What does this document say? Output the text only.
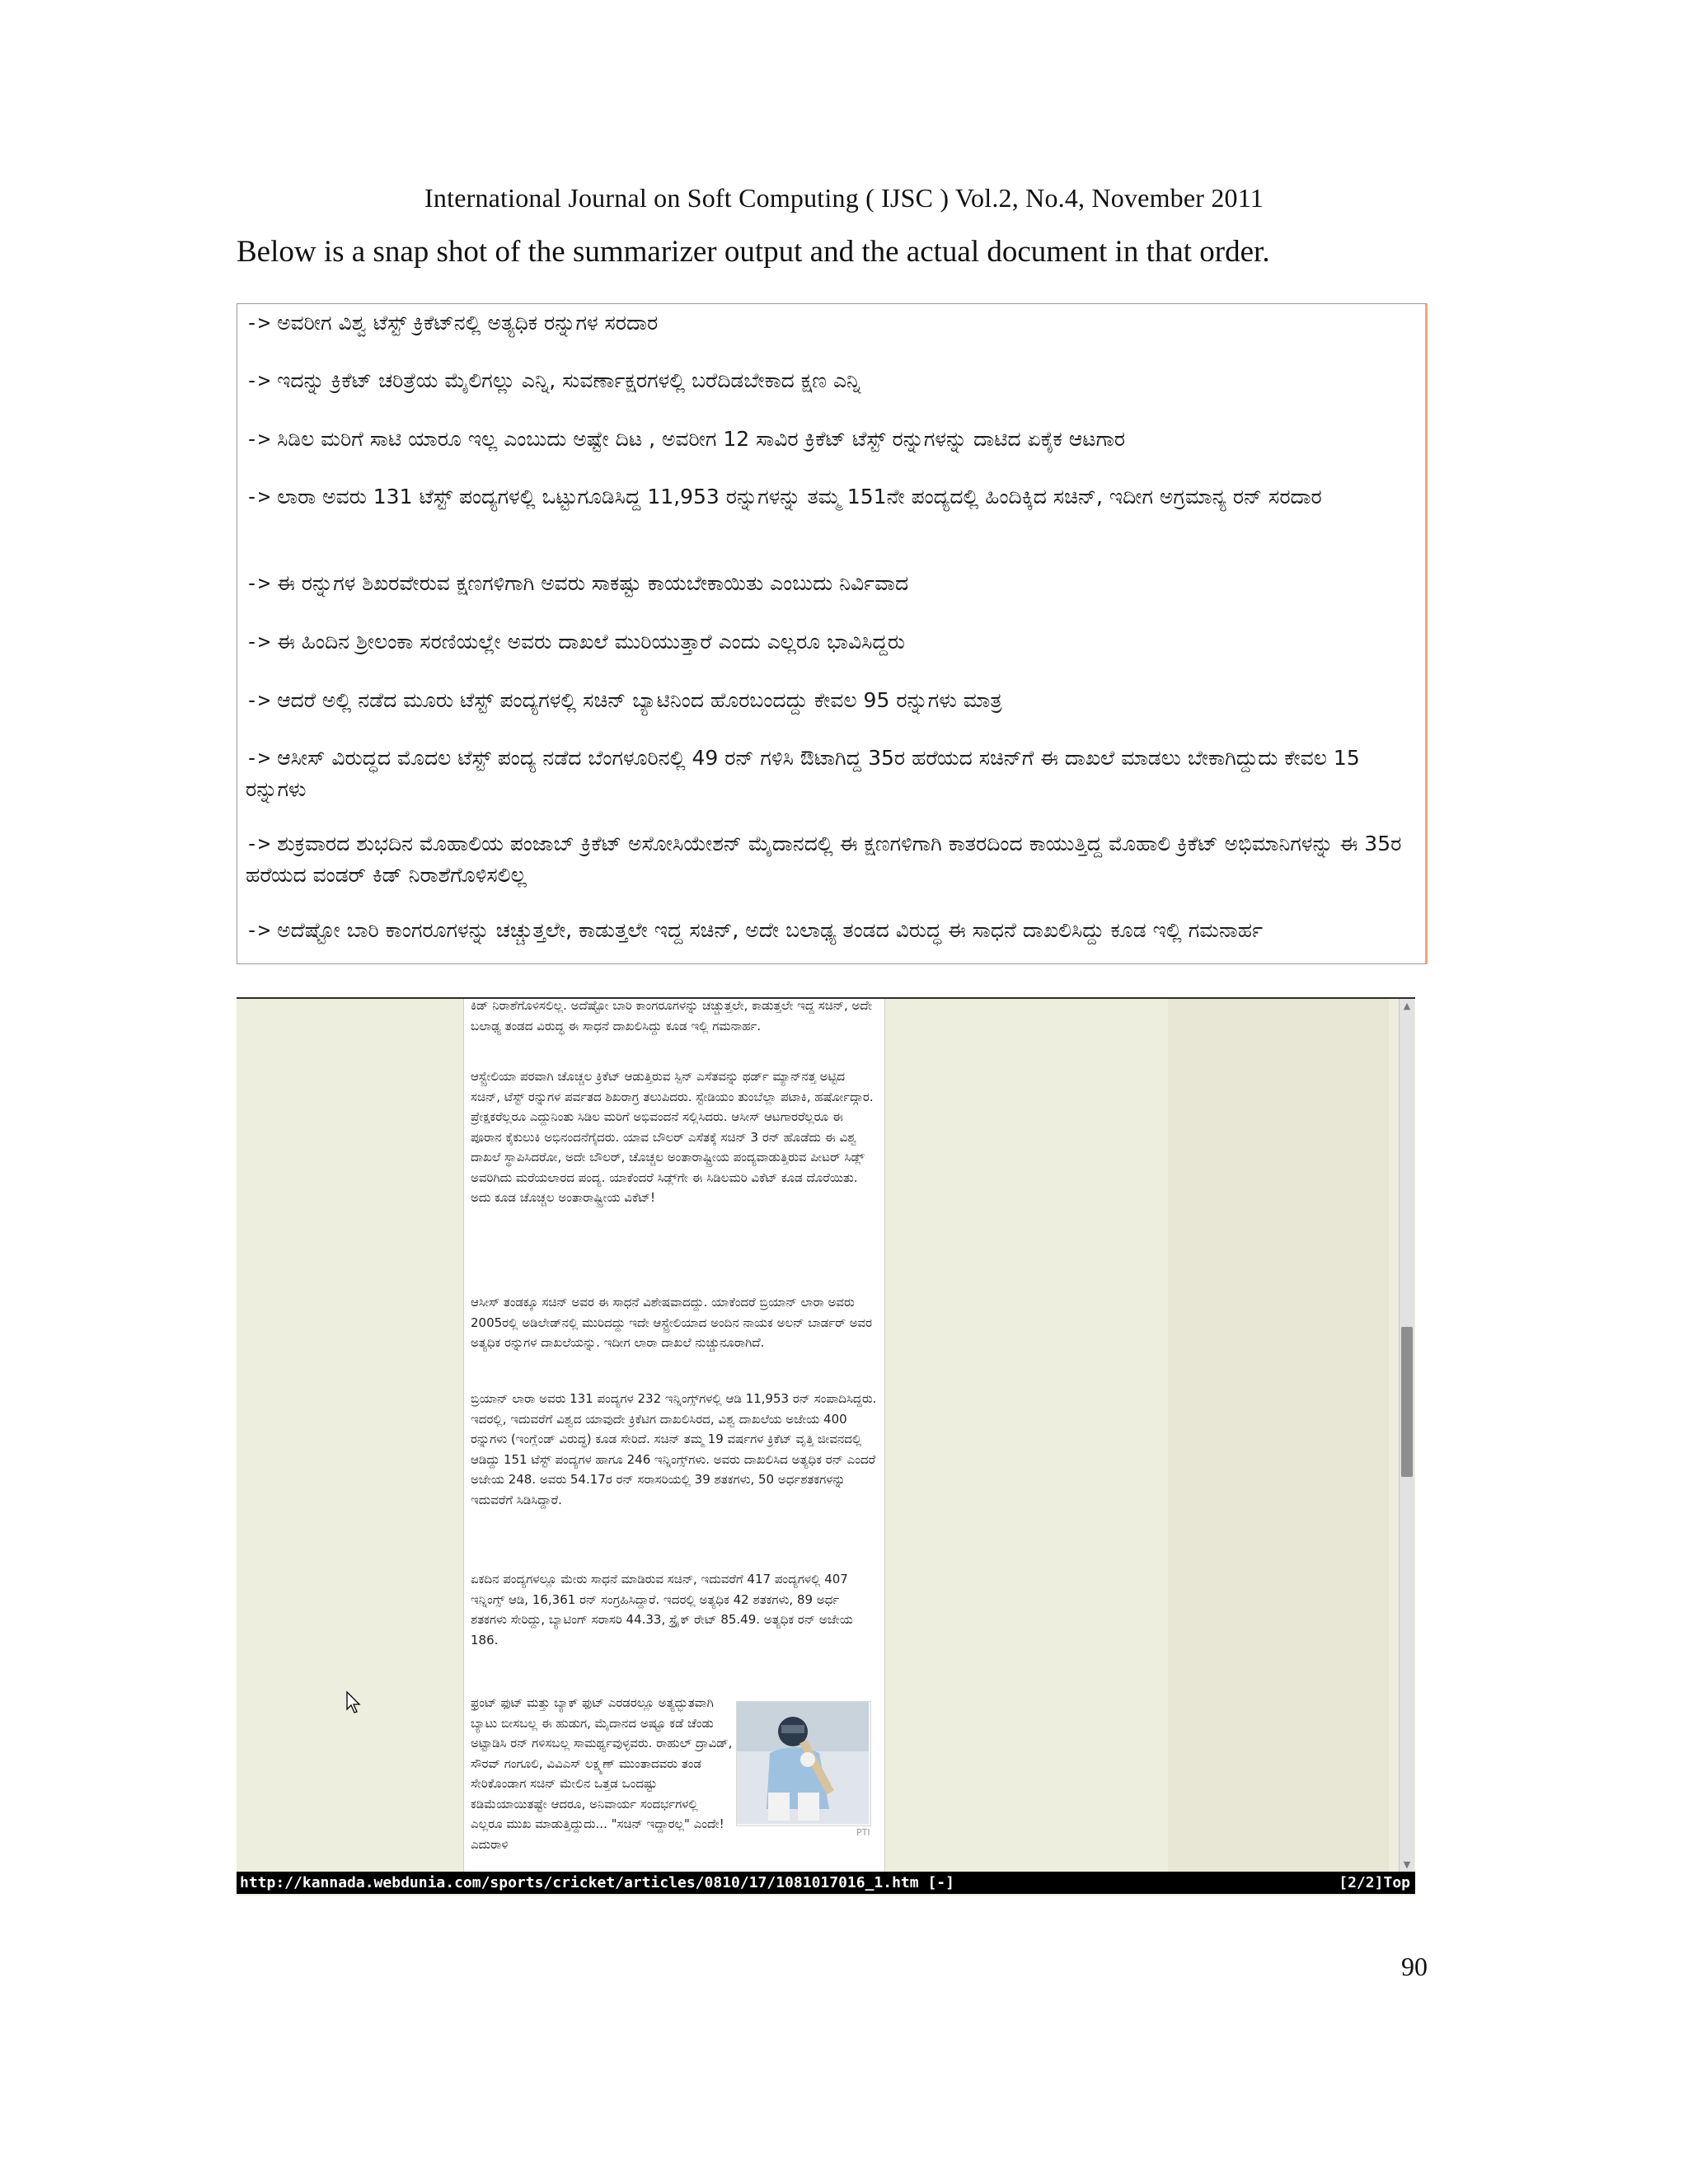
International Journal on Soft Computing ( IJSC ) Vol.2, No.4, November 2011
Below is a snap shot of the summarizer output and the actual document in that order.
-> ಅವರೀಗ ವಿಶ್ವ ಟೆಸ್ಟ್ ಕ್ರಿಕೆಟ್‌ನಲ್ಲಿ ಅತ್ಯಧಿಕ ರನ್ನುಗಳ ಸರದಾರ
-> ಇದನ್ನು ಕ್ರಿಕೆಟ್ ಚರಿತ್ರೆಯ ಮೈಲಿಗಲ್ಲು ಎನ್ನಿ, ಸುವರ್ಣಾಕ್ಷರಗಳಲ್ಲಿ ಬರೆದಿಡಬೇಕಾದ ಕ್ಷಣ ಎನ್ನಿ
-> ಸಿಡಿಲ ಮರಿಗೆ ಸಾಟಿ ಯಾರೂ ಇಲ್ಲ ಎಂಬುದು ಅಷ್ಟೇ ದಿಟ , ಅವರೀಗ 12 ಸಾವಿರ ಕ್ರಿಕೆಟ್ ಟೆಸ್ಟ್ ರನ್ನುಗಳನ್ನು ದಾಟಿದ ಏಕೈಕ ಆಟಗಾರ
-> ಲಾರಾ ಅವರು 131 ಟೆಸ್ಟ್ ಪಂದ್ಯಗಳಲ್ಲಿ ಒಟ್ಟುಗೂಡಿಸಿದ್ದ 11,953 ರನ್ನುಗಳನ್ನು ತಮ್ಮ 151ನೇ ಪಂದ್ಯದಲ್ಲಿ ಹಿಂದಿಕ್ಕಿದ ಸಚಿನ್, ಇದೀಗ ಅಗ್ರಮಾನ್ಯ ರನ್ ಸರದಾರ
-> ಈ ರನ್ನುಗಳ ಶಿಖರವೇರುವ ಕ್ಷಣಗಳಿಗಾಗಿ ಅವರು ಸಾಕಷ್ಟು ಕಾಯಬೇಕಾಯಿತು ಎಂಬುದು ನಿರ್ವಿವಾದ
-> ಈ ಹಿಂದಿನ ಶ್ರೀಲಂಕಾ ಸರಣಿಯಲ್ಲೇ ಅವರು ದಾಖಲೆ ಮುರಿಯುತ್ತಾರೆ ಎಂದು ಎಲ್ಲರೂ ಭಾವಿಸಿದ್ದರು
-> ಆದರೆ ಅಲ್ಲಿ ನಡೆದ ಮೂರು ಟೆಸ್ಟ್ ಪಂದ್ಯಗಳಲ್ಲಿ ಸಚಿನ್ ಬ್ಯಾಟಿನಿಂದ ಹೊರಬಂದದ್ದು ಕೇವಲ 95 ರನ್ನುಗಳು ಮಾತ್ರ
-> ಆಸೀಸ್ ವಿರುದ್ಧದ ಮೊದಲ ಟೆಸ್ಟ್ ಪಂದ್ಯ ನಡೆದ ಬೆಂಗಳೂರಿನಲ್ಲಿ 49 ರನ್ ಗಳಿಸಿ ಔಟಾಗಿದ್ದ 35ರ ಹರೆಯದ ಸಚಿನ್‌ಗೆ ಈ ದಾಖಲೆ ಮಾಡಲು ಬೇಕಾಗಿದ್ದುದು ಕೇವಲ 15 ರನ್ನುಗಳು
-> ಶುಕ್ರವಾರದ ಶುಭದಿನ ಮೊಹಾಲಿಯ ಪಂಜಾಬ್ ಕ್ರಿಕೆಟ್ ಅಸೋಸಿಯೇಶನ್ ಮೈದಾನದಲ್ಲಿ ಈ ಕ್ಷಣಗಳಿಗಾಗಿ ಕಾತರದಿಂದ ಕಾಯುತ್ತಿದ್ದ ಮೊಹಾಲಿ ಕ್ರಿಕೆಟ್ ಅಭಿಮಾನಿಗಳನ್ನು ಈ 35ರ ಹರೆಯದ ವಂಡರ್ ಕಿಡ್ ನಿರಾಶೆಗೊಳಿಸಲಿಲ್ಲ
-> ಅದೆಷ್ಟೋ ಬಾರಿ ಕಾಂಗರೂಗಳನ್ನು ಚಚ್ಚುತ್ತಲೇ, ಕಾಡುತ್ತಲೇ ಇದ್ದ ಸಚಿನ್, ಅದೇ ಬಲಾಢ್ಯ ತಂಡದ ವಿರುದ್ಧ ಈ ಸಾಧನೆ ದಾಖಲಿಸಿದ್ದು ಕೂಡ ಇಲ್ಲಿ ಗಮನಾರ್ಹ

ಕಿಡ್ ನಿರಾಶೆಗೊಳಿಸಲಿಲ್ಲ. ಅದೆಷ್ಟೋ ಬಾರಿ ಕಾಂಗರೂಗಳನ್ನು ಚಚ್ಚುತ್ತಲೇ, ಕಾಡುತ್ತಲೇ ಇದ್ದ ಸಚಿನ್, ಅದೇ ಬಲಾಢ್ಯ ತಂಡದ ವಿರುದ್ಧ ಈ ಸಾಧನೆ ದಾಖಲಿಸಿದ್ದು ಕೂಡ ಇಲ್ಲಿ ಗಮನಾರ್ಹ.

ಆಸ್ಟ್ರೇಲಿಯಾ ಪರವಾಗಿ ಚೊಚ್ಚಲ ಕ್ರಿಕೆಟ್ ಆಡುತ್ತಿರುವ ಸ್ಪಿನ್ ಎಸೆತವನ್ನು ಥರ್ಡ್ ಮ್ಯಾನ್‌ನತ್ತ ಅಟ್ಟಿದ ಸಚಿನ್, ಟೆಸ್ಟ್ ರನ್ನುಗಳ ಪರ್ವತದ ಶಿಖರಾಗ್ರ ತಲುಪಿದರು. ಸ್ಟೇಡಿಯಂ ತುಂಬೆಲ್ಲಾ ಪಟಾಕಿ, ಹರ್ಷೋದ್ಗಾರ. ಪ್ರೇಕ್ಷಕರೆಲ್ಲರೂ ಎದ್ದುನಿಂತು ಸಿಡಿಲ ಮರಿಗೆ ಅಭಿವಂದನೆ ಸಲ್ಲಿಸಿದರು. ಆಸೀಸ್ ಆಟಗಾರರೆಲ್ಲರೂ ಈ ಪೂರಾನ ಕೈಕುಲುಕಿ ಅಭಿನಂದನೆಗೈದರು. ಯಾವ ಬೌಲರ್ ಎಸೆತಕ್ಕೆ ಸಚಿನ್ 3 ರನ್ ಹೊಡೆದು ಈ ವಿಶ್ವ ದಾಖಲೆ ಸ್ಥಾಪಿಸಿದರೋ, ಅದೇ ಬೌಲರ್, ಚೊಚ್ಚಲ ಅಂತಾರಾಷ್ಟ್ರೀಯ ಪಂದ್ಯವಾಡುತ್ತಿರುವ ಪೀಟರ್ ಸಿಡ್ಲ್ ಅವರಿಗಿದು ಮರೆಯಲಾರದ ಪಂದ್ಯ. ಯಾಕೆಂದರೆ ಸಿಡ್ಲ್‌ಗೇ ಈ ಸಿಡಿಲಮರಿ ವಿಕೆಟ್ ಕೂಡ ದೊರೆಯಿತು. ಅದು ಕೂಡ ಚೊಚ್ಚಲ ಅಂತಾರಾಷ್ಟ್ರೀಯ ವಿಕೆಟ್!

ಆಸೀಸ್ ತಂಡಕ್ಕೂ ಸಚಿನ್ ಅವರ ಈ ಸಾಧನೆ ವಿಶೇಷವಾದದ್ದು. ಯಾಕೆಂದರೆ ಬ್ರಿಯಾನ್ ಲಾರಾ ಅವರು 2005ರಲ್ಲಿ ಅಡಿಲೇಡ್‌ನಲ್ಲಿ ಮುರಿದದ್ದು ಇದೇ ಆಸ್ಟ್ರೇಲಿಯಾದ ಅಂದಿನ ನಾಯಕ ಅಲನ್ ಬಾರ್ಡರ್ ಅವರ ಅತ್ಯಧಿಕ ರನ್ನುಗಳ ದಾಖಲೆಯನ್ನು. ಇದೀಗ ಲಾರಾ ದಾಖಲೆ ನುಚ್ಚುನೂರಾಗಿದೆ.

ಬ್ರಿಯಾನ್ ಲಾರಾ ಅವರು 131 ಪಂದ್ಯಗಳ 232 ಇನ್ನಿಂಗ್ಸ್‌ಗಳಲ್ಲಿ ಆಡಿ 11,953 ರನ್ ಸಂಪಾದಿಸಿದ್ದರು. ಇದರಲ್ಲಿ, ಇದುವರೆಗೆ ವಿಶ್ವದ ಯಾವುದೇ ಕ್ರಿಕೆಟಿಗ ದಾಖಲಿಸಿರದ, ವಿಶ್ವ ದಾಖಲೆಯ ಅಜೇಯ 400 ರನ್ನುಗಳು (ಇಂಗ್ಲೆಂಡ್ ವಿರುದ್ಧ) ಕೂಡ ಸೇರಿದೆ. ಸಚಿನ್ ತಮ್ಮ 19 ವರ್ಷಗಳ ಕ್ರಿಕೆಟ್ ವೃತ್ತಿ ಜೀವನದಲ್ಲಿ ಆಡಿದ್ದು 151 ಟೆಸ್ಟ್ ಪಂದ್ಯಗಳ ಹಾಗೂ 246 ಇನ್ನಿಂಗ್ಸ್‌ಗಳು. ಅವರು ದಾಖಲಿಸಿದ ಅತ್ಯಧಿಕ ರನ್ ಎಂದರೆ ಅಜೇಯ 248. ಅವರು 54.17ರ ರನ್ ಸರಾಸರಿಯಲ್ಲಿ 39 ಶತಕಗಳು, 50 ಅರ್ಧಶತಕಗಳನ್ನು ಇದುವರೆಗೆ ಸಿಡಿಸಿದ್ದಾರೆ.

ಏಕದಿನ ಪಂದ್ಯಗಳಲ್ಲೂ ಮೇರು ಸಾಧನೆ ಮಾಡಿರುವ ಸಚಿನ್, ಇದುವರೆಗೆ 417 ಪಂದ್ಯಗಳಲ್ಲಿ 407 ಇನ್ನಿಂಗ್ಸ್ ಆಡಿ, 16,361 ರನ್ ಸಂಗ್ರಹಿಸಿದ್ದಾರೆ. ಇದರಲ್ಲಿ ಅತ್ಯಧಿಕ 42 ಶತಕಗಳು, 89 ಅರ್ಧ ಶತಕಗಳು ಸೇರಿದ್ದು, ಬ್ಯಾಟಿಂಗ್ ಸರಾಸರಿ 44.33, ಸ್ಟ್ರೈಕ್ ರೇಟ್ 85.49. ಅತ್ಯಧಿಕ ರನ್ ಅಜೇಯ 186.

ಫ್ರಂಟ್ ಫುಟ್ ಮತ್ತು ಬ್ಯಾಕ್ ಫುಟ್ ಎರಡರಲ್ಲೂ ಅತ್ಯದ್ಭುತವಾಗಿ ಬ್ಯಾಟು ಬೀಸಬಲ್ಲ ಈ ಹುಡುಗ, ಮೈದಾನದ ಅಷ್ಟೂ ಕಡೆ ಚೆಂಡು ಅಟ್ಟಾಡಿಸಿ ರನ್ ಗಳಿಸಬಲ್ಲ ಸಾಮರ್ಥ್ಯವುಳ್ಳವರು. ರಾಹುಲ್ ದ್ರಾವಿಡ್, ಸೌರವ್ ಗಂಗೂಲಿ, ವಿವಿಎಸ್ ಲಕ್ಷ್ಮಣ್ ಮುಂತಾದವರು ತಂಡ ಸೇರಿಕೊಂಡಾಗ ಸಚಿನ್ ಮೇಲಿನ ಒತ್ತಡ ಒಂದಷ್ಟು ಕಡಿಮೆಯಾಯಿತಷ್ಟೇ ಆದರೂ, ಅನಿವಾರ್ಯ ಸಂದರ್ಭಗಳಲ್ಲಿ ಎಲ್ಲರೂ ಮುಖ ಮಾಡುತ್ತಿದ್ದುದು... "ಸಚಿನ್ ಇದ್ದಾರಲ್ಲ" ಎಂದೇ! ಎದುರಾಳಿ

PTI
▲
▼
http://kannada.webdunia.com/sports/cricket/articles/0810/17/1081017016_1.htm [-]	[2/2]Top
90
